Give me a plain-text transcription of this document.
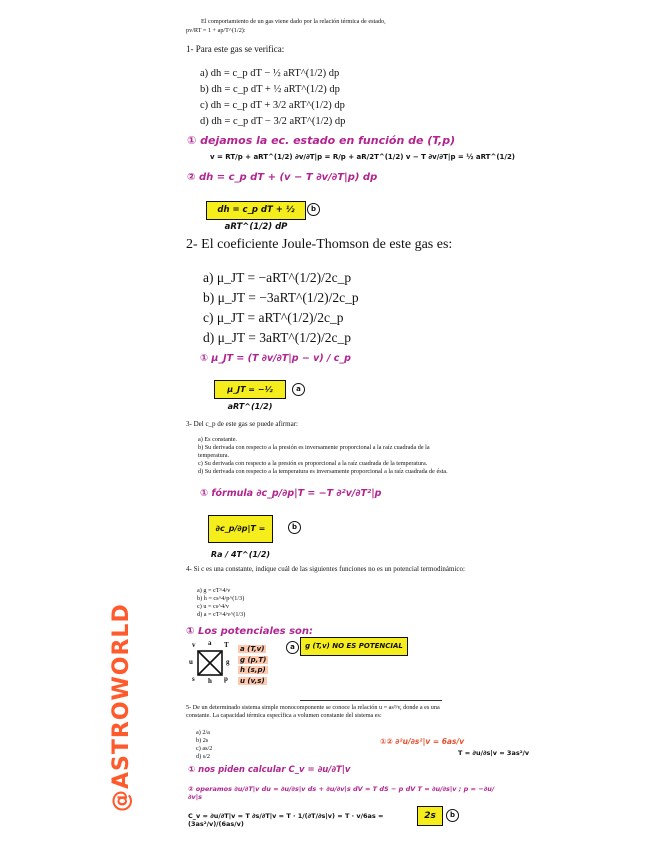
El comportamiento de un gas viene dado por la relación térmica de estado,
pv/RT = 1 + ap/T^(1/2):
1- Para este gas se verifica:
a) dh = c_p dT − ½ aRT^(1/2) dp
b) dh = c_p dT + ½ aRT^(1/2) dp
c) dh = c_p dT + 3/2 aRT^(1/2) dp
d) dh = c_p dT − 3/2 aRT^(1/2) dp
① dejamos la ec. estado en función de (T,p)
v = RT/p + aRT^(1/2) ∂v/∂T|p = R/p + aR/2T^(1/2) v − T ∂v/∂T|p = ½ aRT^(1/2)
② dh = c_p dT + (v − T ∂v/∂T|p) dp
dh = c_p dT + ½ aRT^(1/2) dP
b
2- El coeficiente Joule-Thomson de este gas es:
a) μ_JT = −aRT^(1/2)/2c_p
b) μ_JT = −3aRT^(1/2)/2c_p
c) μ_JT = aRT^(1/2)/2c_p
d) μ_JT = 3aRT^(1/2)/2c_p
① μ_JT = (T ∂v/∂T|p − v) / c_p
μ_JT = −½ aRT^(1/2)
a
3- Del c_p de este gas se puede afirmar:
a) Es constante.
b) Su derivada con respecto a la presión es inversamente proporcional a la raíz cuadrada de la temperatura.
c) Su derivada con respecto a la presión es proporcional a la raíz cuadrada de la temperatura.
d) Su derivada con respecto a la temperatura es inversamente proporcional a la raíz cuadrada de ésta.
① fórmula ∂c_p/∂p|T = −T ∂²v/∂T²|p
∂c_p/∂p|T = Ra / 4T^(1/2)
b
4- Si c es una constante, indique cuál de las siguientes funciones no es un potencial termodinámico:
a) g = cT^4/v
b) h = cs^4/p^(1/3)
c) u = cs^4/v
d) a = cT^4/v^(1/3)
① Los potenciales son:
v a T
u	g
s h p
a (T,v)
g (p,T)
h (s,p)
u (v,s)
a	g (T,v) NO ES POTENCIAL
5- De un determinado sistema simple monocomponente se conoce la relación u = as³/v, donde a es una constante. La capacidad térmica específica a volumen constante del sistema es:
a) 2/a
b) 2s
c) as/2
d) s/2
①② ∂²u/∂s²|v = 6as/v
T = ∂u/∂s|v = 3as²/v
① nos piden calcular C_v = ∂u/∂T|v
② operamos ∂u/∂T|v du = ∂u/∂s|v ds + ∂u/∂v|s dV = T dS − p dV T = ∂u/∂s|v ; p = −∂u/∂v|s
C_v = ∂u/∂T|v = T ∂s/∂T|v = T · 1/(∂T/∂s|v) = T · v/6as = (3as²/v)/(6as/v)
2s	b
@ASTROWORLD
